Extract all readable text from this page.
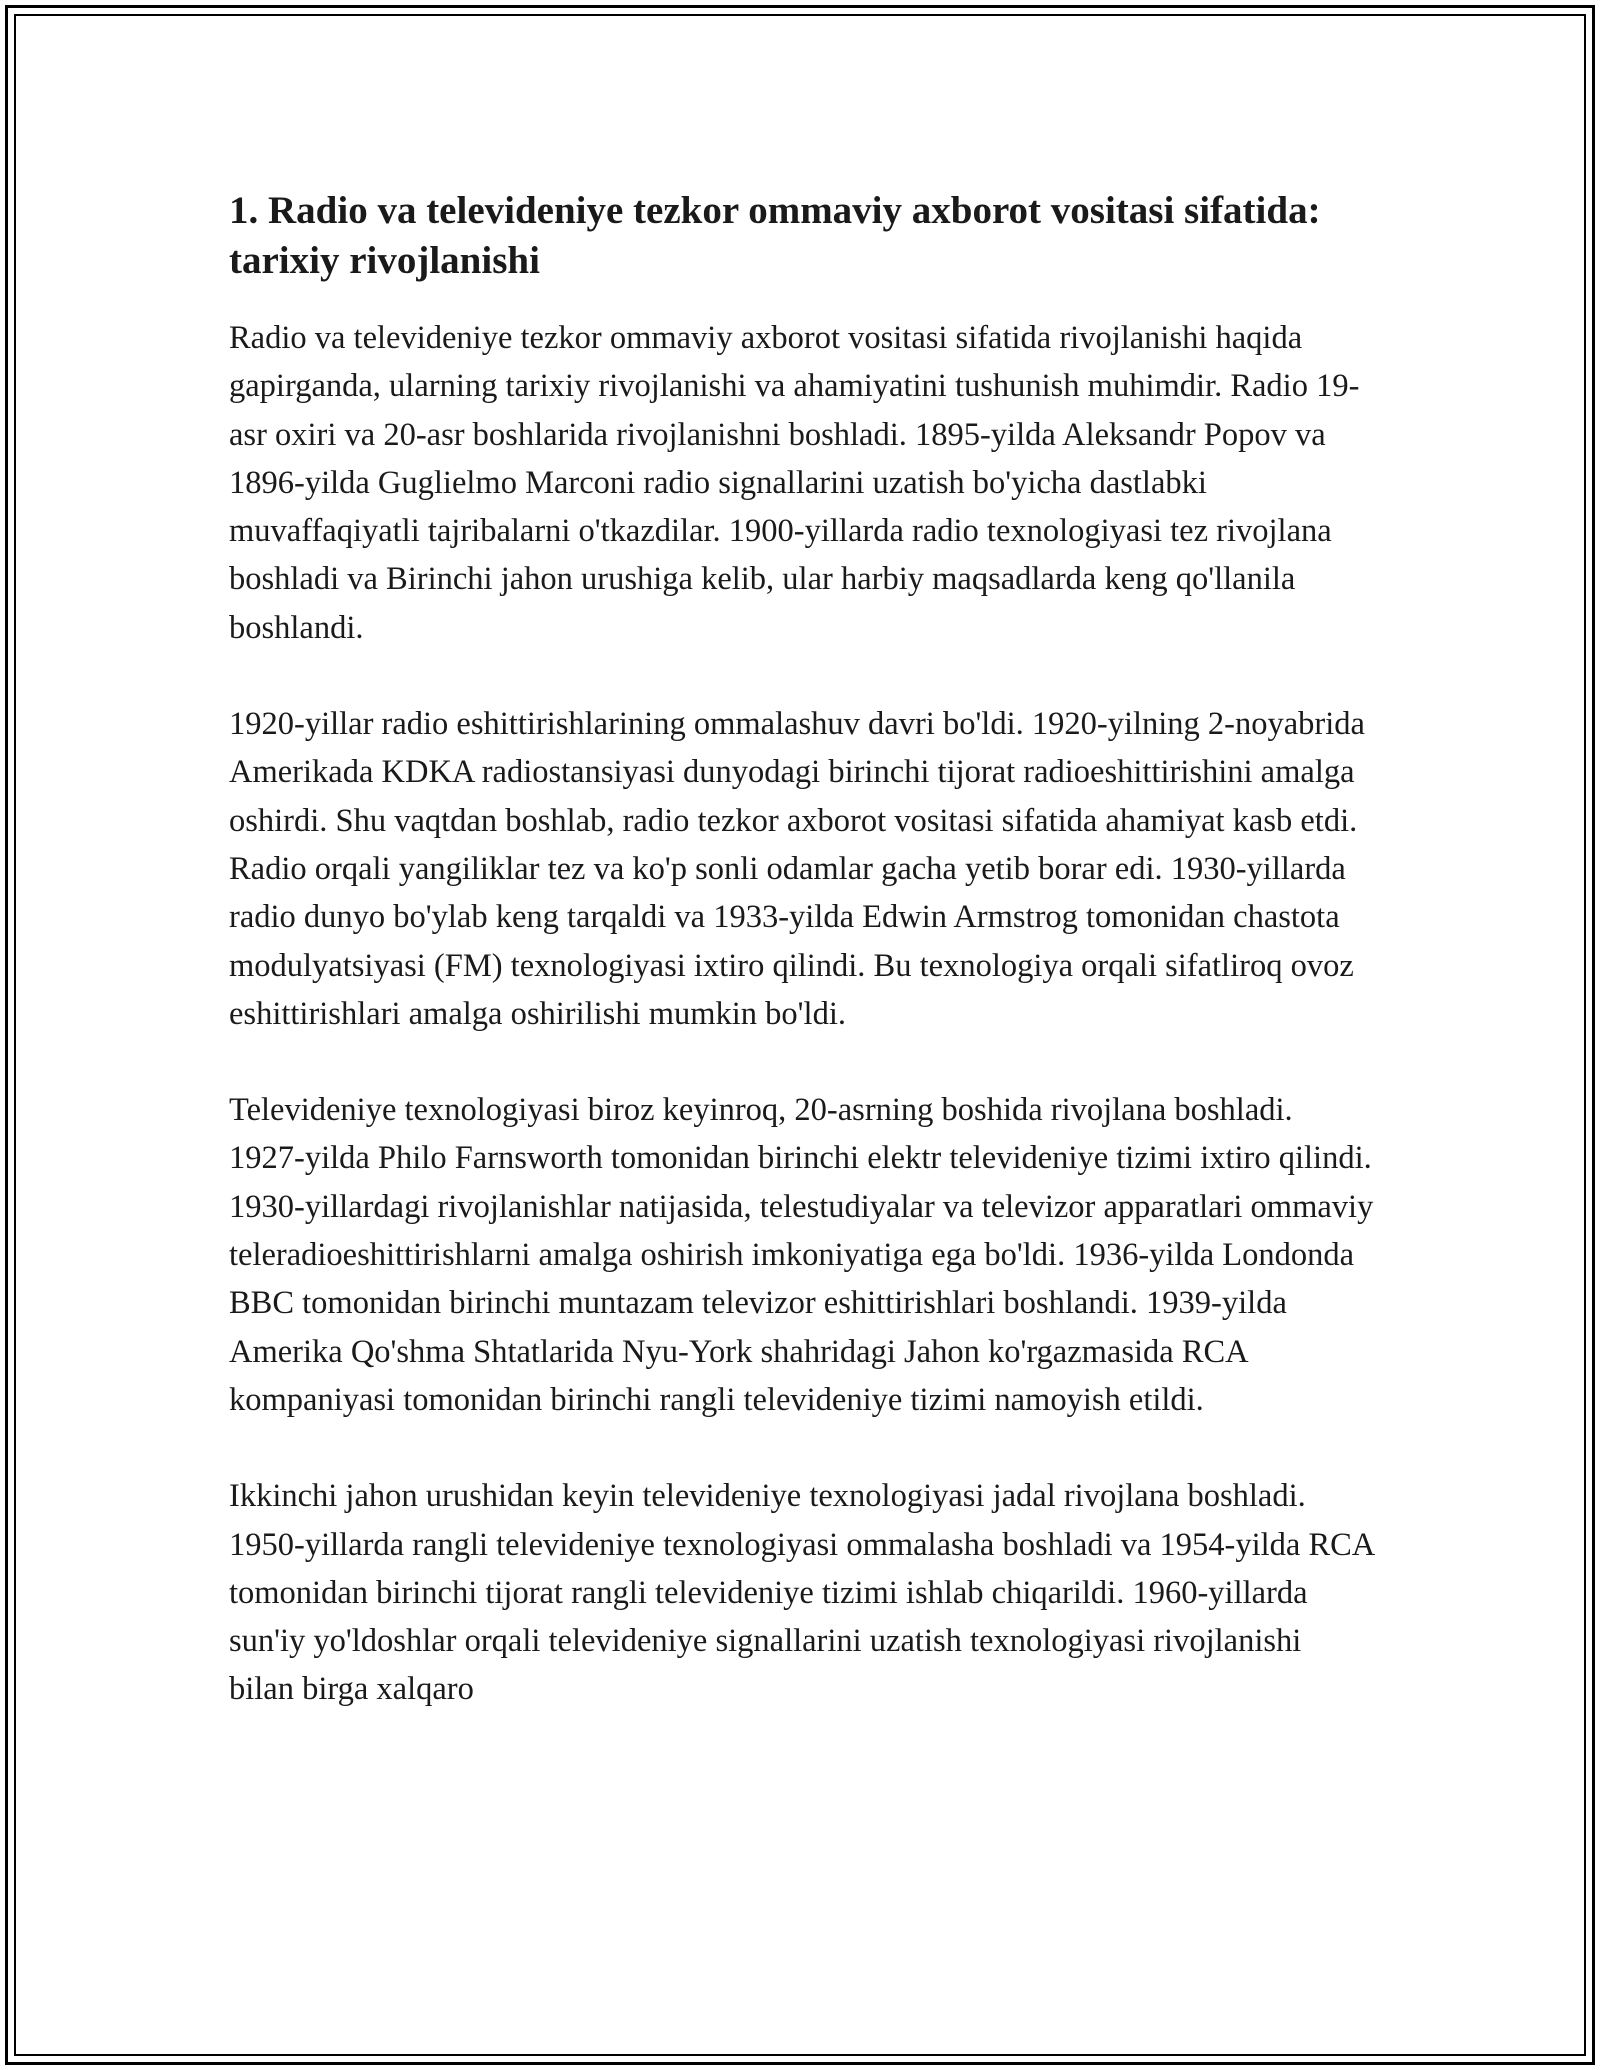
1. Radio va televideniye tezkor ommaviy axborot vositasi sifatida: tarixiy rivojlanishi

Radio va televideniye tezkor ommaviy axborot vositasi sifatida rivojlanishi haqida gapirganda, ularning tarixiy rivojlanishi va ahamiyatini tushunish muhimdir. Radio 19-asr oxiri va 20-asr boshlarida rivojlanishni boshladi. 1895-yilda Aleksandr Popov va 1896-yilda Guglielmo Marconi radio signallarini uzatish bo'yicha dastlabki muvaffaqiyatli tajribalarni o'tkazdilar. 1900-yillarda radio texnologiyasi tez rivojlana boshladi va Birinchi jahon urushiga kelib, ular harbiy maqsadlarda keng qo'llanila boshlandi.

1920-yillar radio eshittirishlarining ommalashuv davri bo'ldi. 1920-yilning 2-noyabrida Amerikada KDKA radiostansiyasi dunyodagi birinchi tijorat radioeshittirishini amalga oshirdi. Shu vaqtdan boshlab, radio tezkor axborot vositasi sifatida ahamiyat kasb etdi. Radio orqali yangiliklar tez va ko'p sonli odamlar gacha yetib borar edi. 1930-yillarda radio dunyo bo'ylab keng tarqaldi va 1933-yilda Edwin Armstrog tomonidan chastota modulyatsiyasi (FM) texnologiyasi ixtiro qilindi. Bu texnologiya orqali sifatliroq ovoz eshittirishlari amalga oshirilishi mumkin bo'ldi.

Televideniye texnologiyasi biroz keyinroq, 20-asrning boshida rivojlana boshladi. 1927-yilda Philo Farnsworth tomonidan birinchi elektr televideniye tizimi ixtiro qilindi. 1930-yillardagi rivojlanishlar natijasida, telestudiyalar va televizor apparatlari ommaviy teleradioeshittirishlarni amalga oshirish imkoniyatiga ega bo'ldi. 1936-yilda Londonda BBC tomonidan birinchi muntazam televizor eshittirishlari boshlandi. 1939-yilda Amerika Qo'shma Shtatlarida Nyu-York shahridagi Jahon ko'rgazmasida RCA kompaniyasi tomonidan birinchi rangli televideniye tizimi namoyish etildi.

Ikkinchi jahon urushidan keyin televideniye texnologiyasi jadal rivojlana boshladi. 1950-yillarda rangli televideniye texnologiyasi ommalasha boshladi va 1954-yilda RCA tomonidan birinchi tijorat rangli televideniye tizimi ishlab chiqarildi. 1960-yillarda sun'iy yo'ldoshlar orqali televideniye signallarini uzatish texnologiyasi rivojlanishi bilan birga xalqaro
